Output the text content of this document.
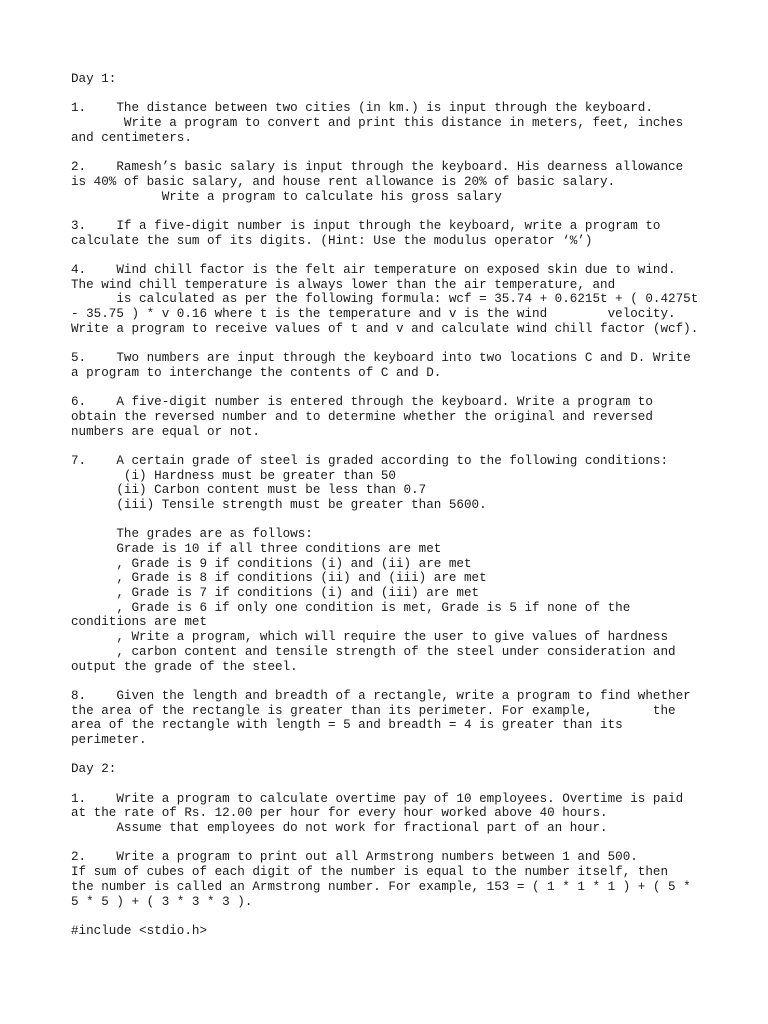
Day 1:
1.    The distance between two cities (in km.) is input through the keyboard.
Write a program to convert and print this distance in meters, feet, inches
and centimeters.
2.    Ramesh’s basic salary is input through the keyboard. His dearness allowance
is 40% of basic salary, and house rent allowance is 20% of basic salary.
Write a program to calculate his gross salary
3.    If a five-digit number is input through the keyboard, write a program to
calculate the sum of its digits. (Hint: Use the modulus operator ‘%’)
4.    Wind chill factor is the felt air temperature on exposed skin due to wind.
The wind chill temperature is always lower than the air temperature, and
is calculated as per the following formula: wcf = 35.74 + 0.6215t + ( 0.4275t
- 35.75 ) * v 0.16 where t is the temperature and v is the wind        velocity.
Write a program to receive values of t and v and calculate wind chill factor (wcf).
5.    Two numbers are input through the keyboard into two locations C and D. Write
a program to interchange the contents of C and D.
6.    A five-digit number is entered through the keyboard. Write a program to
obtain the reversed number and to determine whether the original and reversed
numbers are equal or not.
7.    A certain grade of steel is graded according to the following conditions:
(i) Hardness must be greater than 50
(ii) Carbon content must be less than 0.7
(iii) Tensile strength must be greater than 5600.
The grades are as follows:
Grade is 10 if all three conditions are met
, Grade is 9 if conditions (i) and (ii) are met
, Grade is 8 if conditions (ii) and (iii) are met
, Grade is 7 if conditions (i) and (iii) are met
, Grade is 6 if only one condition is met, Grade is 5 if none of the
conditions are met
, Write a program, which will require the user to give values of hardness
, carbon content and tensile strength of the steel under consideration and
output the grade of the steel.
8.    Given the length and breadth of a rectangle, write a program to find whether
the area of the rectangle is greater than its perimeter. For example,        the
area of the rectangle with length = 5 and breadth = 4 is greater than its
perimeter.
Day 2:
1.    Write a program to calculate overtime pay of 10 employees. Overtime is paid
at the rate of Rs. 12.00 per hour for every hour worked above 40 hours.
Assume that employees do not work for fractional part of an hour.
2.    Write a program to print out all Armstrong numbers between 1 and 500.
If sum of cubes of each digit of the number is equal to the number itself, then
the number is called an Armstrong number. For example, 153 = ( 1 * 1 * 1 ) + ( 5 *
5 * 5 ) + ( 3 * 3 * 3 ).
#include <stdio.h>
